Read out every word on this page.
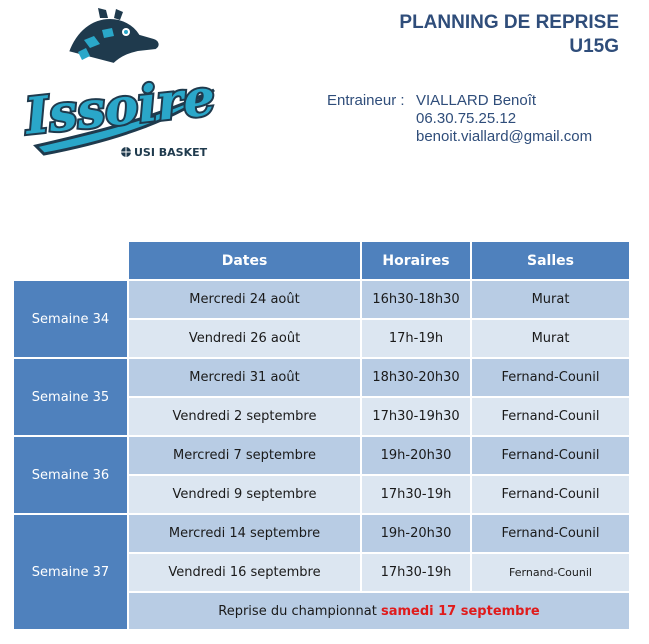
Issoire
USI BASKET
PLANNING DE REPRISE
U15G
Entraineur : VIALLARD Benoît
06.30.75.25.12
benoit.viallard@gmail.com
	Dates	Horaires	Salles
Semaine 34	Mercredi 24 août	16h30-18h30	Murat
	Vendredi 26 août	17h-19h	Murat
Semaine 35	Mercredi 31 août	18h30-20h30	Fernand-Counil
	Vendredi 2 septembre	17h30-19h30	Fernand-Counil
Semaine 36	Mercredi 7 septembre	19h-20h30	Fernand-Counil
	Vendredi 9 septembre	17h30-19h	Fernand-Counil
Semaine 37	Mercredi 14 septembre	19h-20h30	Fernand-Counil
	Vendredi 16 septembre	17h30-19h	Fernand-Counil
	Reprise du championnat samedi 17 septembre		
